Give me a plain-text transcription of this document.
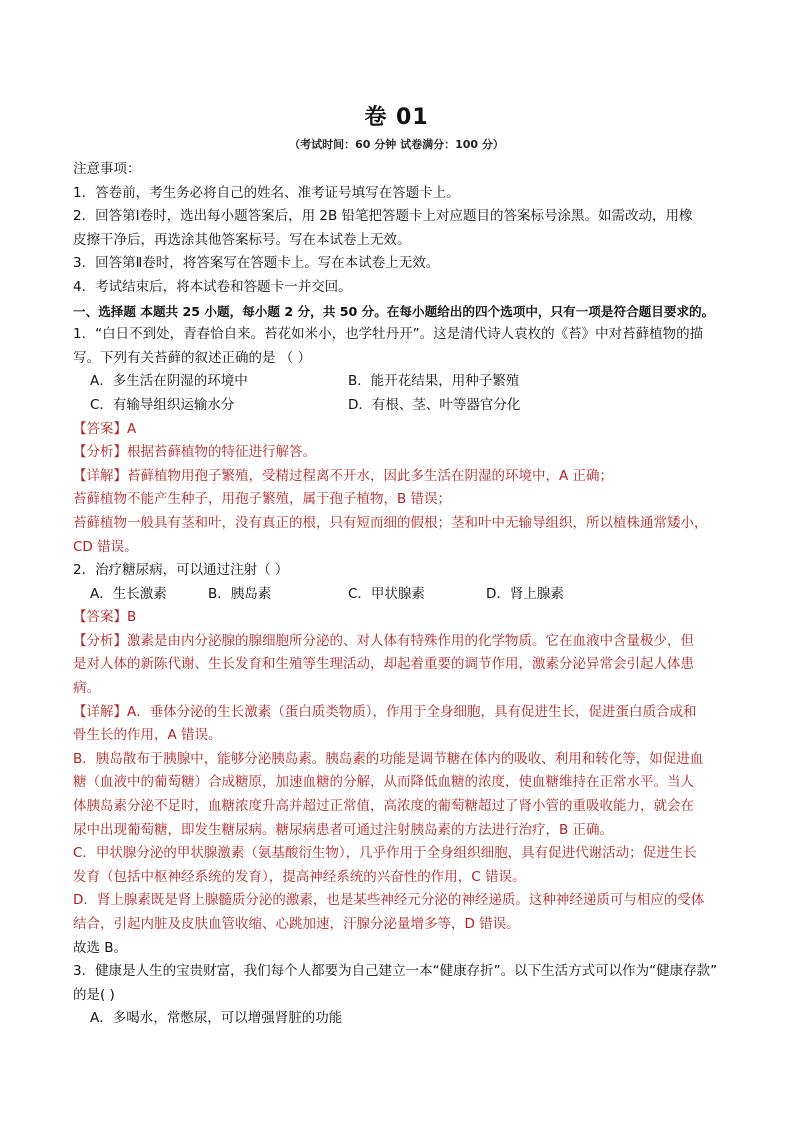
卷 01
（考试时间：60 分钟 试卷满分：100 分）

注意事项：

1．答卷前，考生务必将自己的姓名、准考证号填写在答题卡上。

2．回答第Ⅰ卷时，选出每小题答案后，用 2B 铅笔把答题卡上对应题目的答案标号涂黑。如需改动，用橡

皮擦干净后，再选涂其他答案标号。写在本试卷上无效。

3．回答第Ⅱ卷时，将答案写在答题卡上。写在本试卷上无效。

4．考试结束后，将本试卷和答题卡一并交回。

一、选择题 本题共 25 小题，每小题 2 分，共 50 分。在每小题给出的四个选项中，只有一项是符合题目要求的。

1．“白日不到处，青春恰自来。苔花如米小，也学牡丹开”。这是清代诗人袁枚的《苔》中对苔藓植物的描

写。下列有关苔藓的叙述正确的是 （ ）

A．多生活在阴湿的环境中	B．能开花结果，用种子繁殖

C．有输导组织运输水分	D．有根、茎、叶等器官分化

【答案】A

【分析】根据苔藓植物的特征进行解答。

【详解】苔藓植物用孢子繁殖，受精过程离不开水，因此多生活在阴湿的环境中，A 正确；

苔藓植物不能产生种子，用孢子繁殖，属于孢子植物，B 错误；

苔藓植物一般具有茎和叶，没有真正的根，只有短而细的假根；茎和叶中无输导组织，所以植株通常矮小，

CD 错误。

2．治疗糖尿病，可以通过注射（ ）

A．生长激素	B．胰岛素	C．甲状腺素	D．肾上腺素

【答案】B

【分析】激素是由内分泌腺的腺细胞所分泌的、对人体有特殊作用的化学物质。它在血液中含量极少，但

是对人体的新陈代谢、生长发育和生殖等生理活动，却起着重要的调节作用，激素分泌异常会引起人体患

病。

【详解】A．垂体分泌的生长激素（蛋白质类物质），作用于全身细胞，具有促进生长，促进蛋白质合成和

骨生长的作用，A 错误。

B．胰岛散布于胰腺中，能够分泌胰岛素。胰岛素的功能是调节糖在体内的吸收、利用和转化等，如促进血

糖（血液中的葡萄糖）合成糖原，加速血糖的分解，从而降低血糖的浓度，使血糖维持在正常水平。当人

体胰岛素分泌不足时，血糖浓度升高并超过正常值，高浓度的葡萄糖超过了肾小管的重吸收能力，就会在

尿中出现葡萄糖，即发生糖尿病。糖尿病患者可通过注射胰岛素的方法进行治疗，B 正确。

C．甲状腺分泌的甲状腺激素（氨基酸衍生物），几乎作用于全身组织细胞，具有促进代谢活动；促进生长

发育（包括中枢神经系统的发育），提高神经系统的兴奋性的作用，C 错误。

D．肾上腺素既是肾上腺髓质分泌的激素，也是某些神经元分泌的神经递质。这种神经递质可与相应的受体

结合，引起内脏及皮肤血管收缩、心跳加速，汗腺分泌量增多等，D 错误。

故选 B。

3．健康是人生的宝贵财富，我们每个人都要为自己建立一本“健康存折”。以下生活方式可以作为“健康存款”

的是( )

A．多喝水，常憋尿，可以增强肾脏的功能
